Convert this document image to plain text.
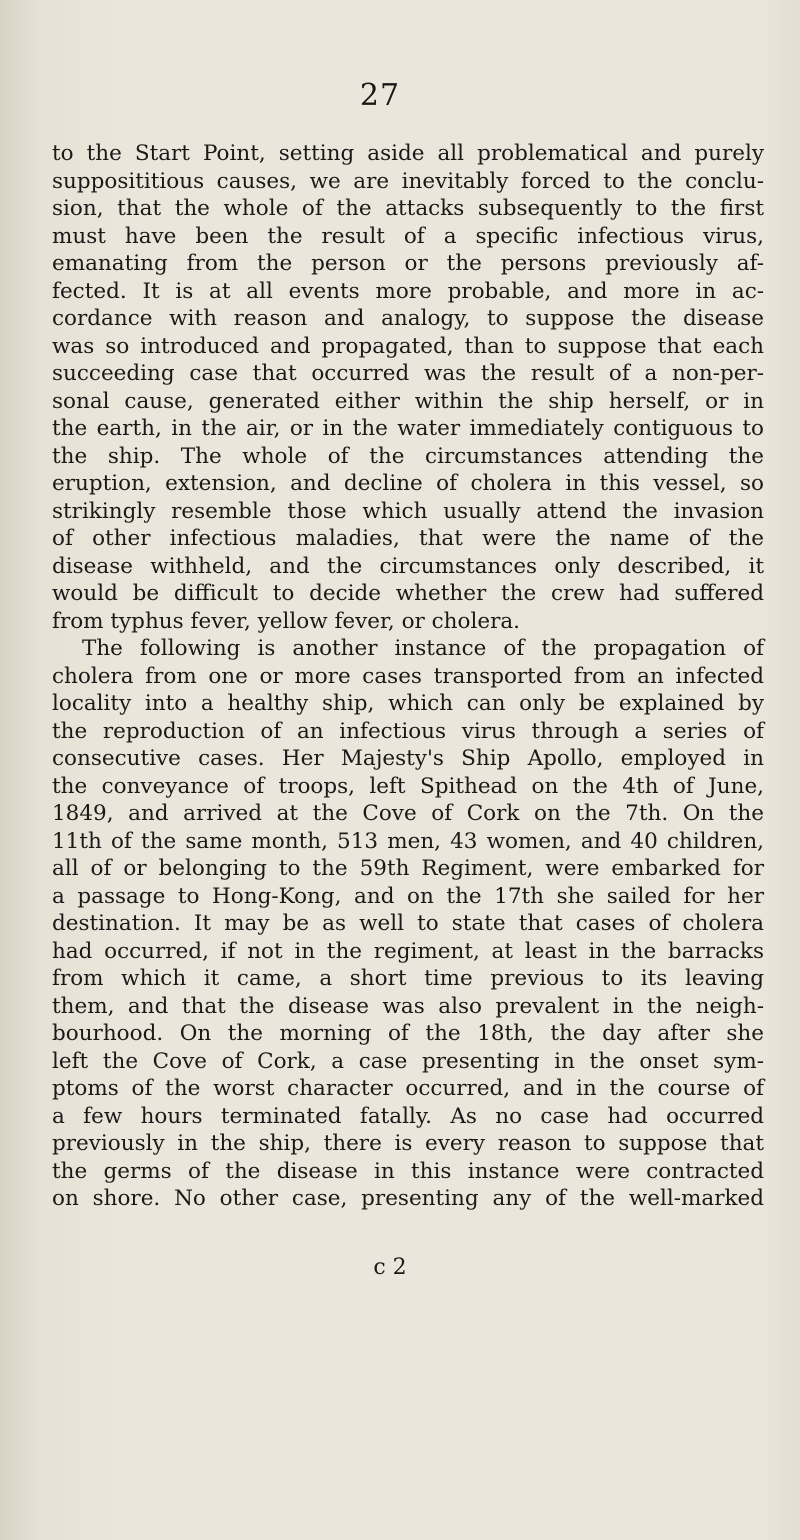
27
to the Start Point, setting aside all problematical and purely
supposititious causes, we are inevitably forced to the conclu-
sion, that the whole of the attacks subsequently to the first
must have been the result of a specific infectious virus,
emanating from the person or the persons previously af-
fected. It is at all events more probable, and more in ac-
cordance with reason and analogy, to suppose the disease
was so introduced and propagated, than to suppose that each
succeeding case that occurred was the result of a non-per-
sonal cause, generated either within the ship herself, or in
the earth, in the air, or in the water immediately contiguous to
the ship. The whole of the circumstances attending the
eruption, extension, and decline of cholera in this vessel, so
strikingly resemble those which usually attend the invasion
of other infectious maladies, that were the name of the
disease withheld, and the circumstances only described, it
would be difficult to decide whether the crew had suffered
from typhus fever, yellow fever, or cholera.
The following is another instance of the propagation of
cholera from one or more cases transported from an infected
locality into a healthy ship, which can only be explained by
the reproduction of an infectious virus through a series of
consecutive cases. Her Majesty's Ship Apollo, employed in
the conveyance of troops, left Spithead on the 4th of June,
1849, and arrived at the Cove of Cork on the 7th. On the
11th of the same month, 513 men, 43 women, and 40 children,
all of or belonging to the 59th Regiment, were embarked for
a passage to Hong-Kong, and on the 17th she sailed for her
destination. It may be as well to state that cases of cholera
had occurred, if not in the regiment, at least in the barracks
from which it came, a short time previous to its leaving
them, and that the disease was also prevalent in the neigh-
bourhood. On the morning of the 18th, the day after she
left the Cove of Cork, a case presenting in the onset sym-
ptoms of the worst character occurred, and in the course of
a few hours terminated fatally. As no case had occurred
previously in the ship, there is every reason to suppose that
the germs of the disease in this instance were contracted
on shore. No other case, presenting any of the well-marked
c 2
